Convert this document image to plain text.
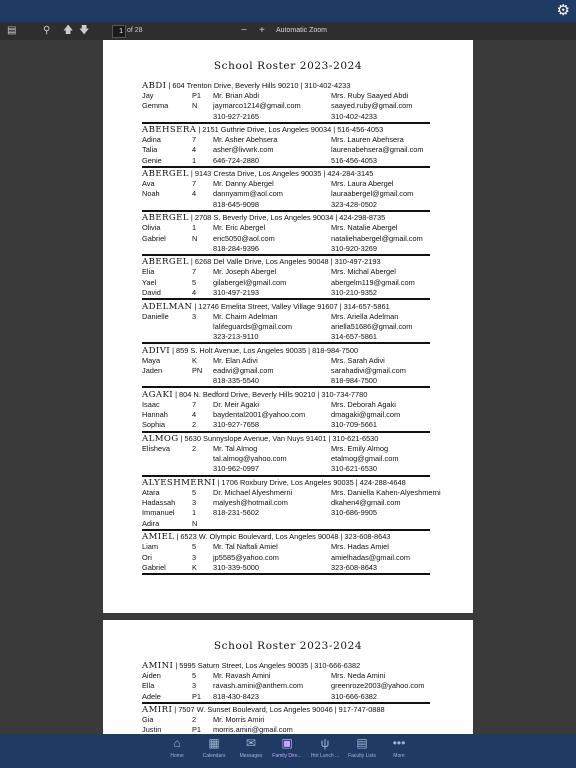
⚙
▤	⚲ 🡅 🡇	1 of 28	− + Automatic Zoom
School Roster 2023-2024
ABDI | 604 Trenton Drive, Beverly Hills 90210 | 310-402-4233
Jay	P1 Mr. Brian Abdi	Mrs. Ruby Saayed Abdi
Gemma	N jaymarco1214@gmail.com	saayed.ruby@gmail.com
310-927-2165	310-402-4233
ABEHSERA | 2151 Guthrie Drive, Los Angeles 90034 | 516-456-4053
Adina	7 Mr. Asher Abehsera	Mrs. Lauren Abehsera
Talia	4 asher@livwrk.com	laurenabehsera@gmail.com
Genie	1 646-724-2880	516-456-4053
ABERGEL | 9143 Cresta Drive, Los Angeles 90035 | 424-284-3145
Ava	7 Mr. Danny Abergel	Mrs. Laura Abergel
Noah	4 dannyamm@aol.com	lauraabergel@gmail.com
818-645-9098	323-428-0502
ABERGEL | 2708 S. Beverly Drive, Los Angeles 90034 | 424-298-8735
Olivia	1 Mr. Eric Abergel	Mrs. Natalie Abergel
Gabriel	N eric5050@aol.com	nataliehabergel@gmail.com
818-284-9396	310-920-3269
ABERGEL | 6268 Del Valle Drive, Los Angeles 90048 | 310-497-2193
Elia	7 Mr. Joseph Abergel	Mrs. Michal Abergel
Yael	5 gilabergel@gmail.com	abergelm119@gmail.com
David	4 310-497-2193	310-210-9352
ADELMAN | 12746 Emelita Street, Valley Village 91607 | 314-657-5861
Danielle	3 Mr. Chaim Adelman	Mrs. Ariella Adelman
lalifeguards@gmail.com	ariella51686@gmail.com
323-213-9110	314-657-5861
ADIVI | 859 S. Holt Avenue, Los Angeles 90035 | 818-984-7500
Maya	K Mr. Elan Adivi	Mrs. Sarah Adivi
Jaden	PN eadivi@gmail.com	sarahadivi@gmail.com
818-335-5540	818-984-7500
AGAKI | 804 N. Bedford Drive, Beverly Hills 90210 | 310-734-7780
Isaac	7 Dr. Meir Agaki	Mrs. Deborah Agaki
Hannah	4 baydental2001@yahoo.com	dmagaki@gmail.com
Sophia	2 310-927-7658	310-709-5661
ALMOG | 5630 Sunnyslope Avenue, Van Nuys 91401 | 310-621-6530
Elisheva	2 Mr. Tal Almog	Mrs. Emily Almog
tal.almog@yahoo.com	etalmog@gmail.com
310-962-0997	310-621-6530
ALYESHMERNI | 1706 Roxbury Drive, Los Angeles 90035 | 424-288-4648
Atara	5 Dr. Michael Alyeshmerni	Mrs. Daniella Kahen-Alyeshmerni
Hadassah 3 malyesh@hotmail.com	dkahen4@gmail.com
Immanuel 1 818-231-5602	310-686-9905
Adira	N
AMIEL | 6523 W. Olympic Boulevard, Los Angeles 90048 | 323-608-8643
Liam	5 Mr. Tal Naftali Amiel	Mrs. Hadas Amiel
Ori	3 jp5585@yahoo.com	amielhadas@gmail.com
Gabriel	K 310-339-5000	323-608-8643
School Roster 2023-2024
AMINI | 5995 Saturn Street, Los Angeles 90035 | 310-666-6382
Aiden	5 Mr. Ravash Amini	Mrs. Neda Amini
Ella	3 ravash.amini@anthem.com	greenroze2003@yahoo.com
Adele	P1 818-430-8423	310-666-6382
AMIRI | 7507 W. Sunset Boulevard, Los Angeles 90046 | 917-747-0888
Gia	2 Mr. Morris Amiri
Justin	P1 morris.amiri@gmail.com
⌂
Home
▦
Calendars
✉
Messages
▣
Family Dire...
ψ
Hot Lunch ...
▤
Faculty Lists
•••
More
